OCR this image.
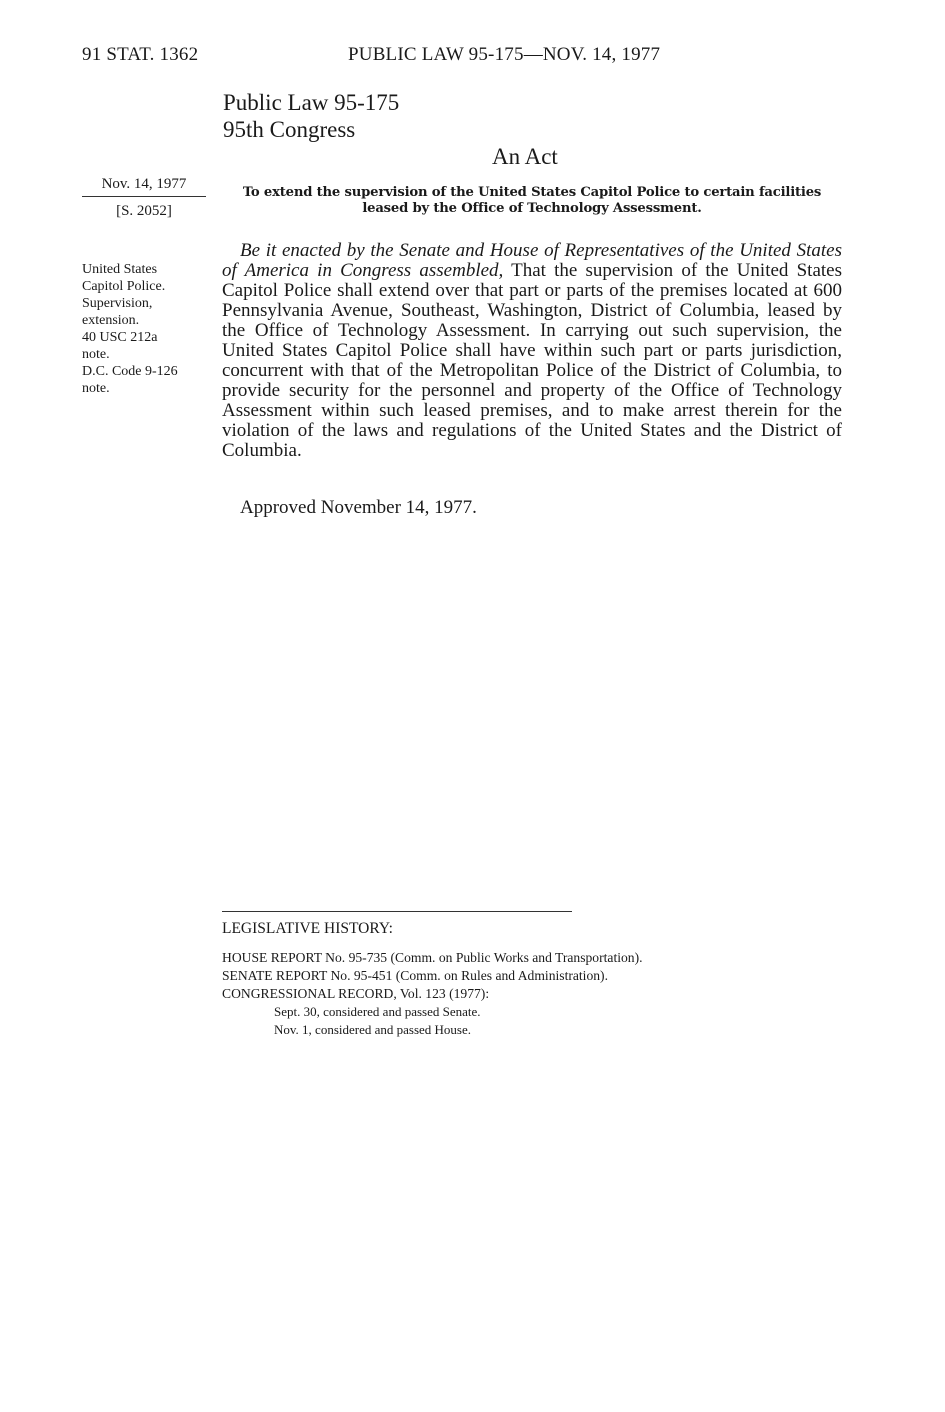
91 STAT. 1362	PUBLIC LAW 95-175—NOV. 14, 1977
Public Law 95-175
95th Congress
An Act
Nov. 14, 1977
[S. 2052]
To extend the supervision of the United States Capitol Police to certain facilities leased by the Office of Technology Assessment.
United States
Capitol Police.
Supervision,
extension.
40 USC 212a
note.
D.C. Code 9-126
note.

Be it enacted by the Senate and House of Representatives of the United States of America in Congress assembled, That the supervision of the United States Capitol Police shall extend over that part or parts of the premises located at 600 Pennsylvania Avenue, Southeast, Washington, District of Columbia, leased by the Office of Technology Assessment. In carrying out such supervision, the United States Capitol Police shall have within such part or parts jurisdiction, concurrent with that of the Metropolitan Police of the District of Columbia, to provide security for the personnel and property of the Office of Technology Assessment within such leased premises, and to make arrest therein for the violation of the laws and regulations of the United States and the District of Columbia.

Approved November 14, 1977.
LEGISLATIVE HISTORY:
HOUSE REPORT No. 95-735 (Comm. on Public Works and Transportation).
SENATE REPORT No. 95-451 (Comm. on Rules and Administration).
CONGRESSIONAL RECORD, Vol. 123 (1977):
Sept. 30, considered and passed Senate.
Nov. 1, considered and passed House.
